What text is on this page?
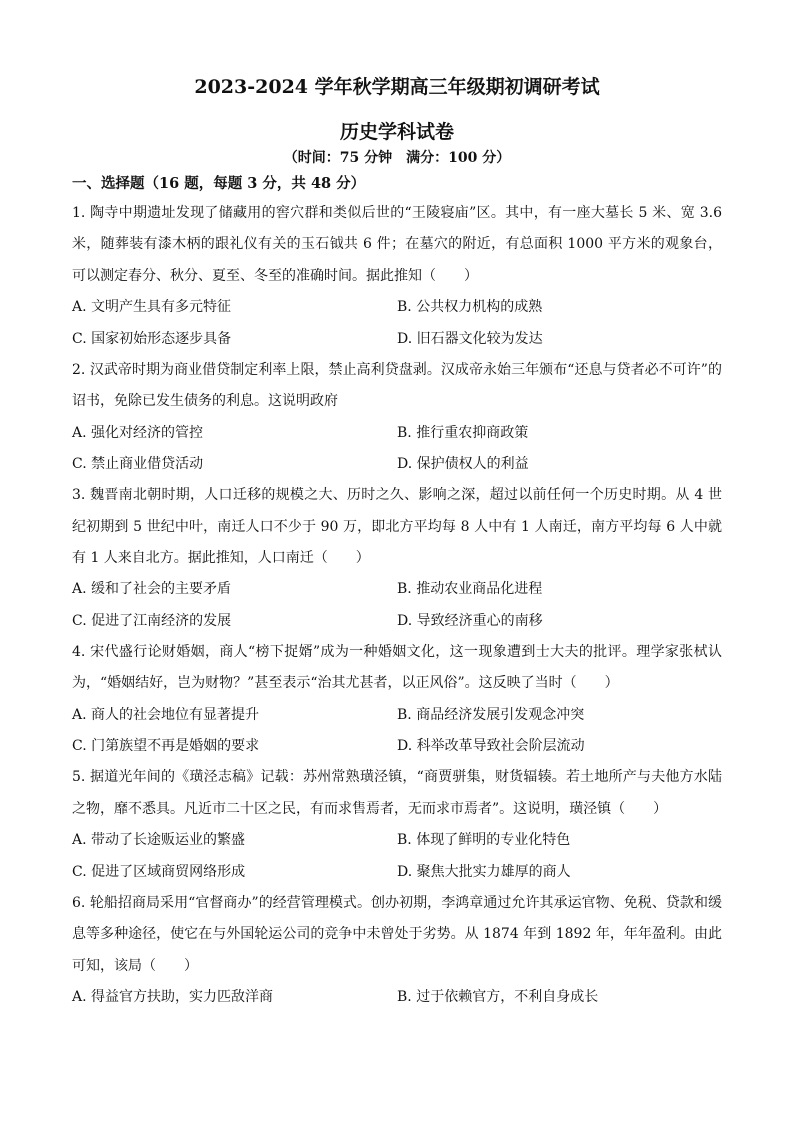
2023-2024 学年秋学期高三年级期初调研考试
历史学科试卷
（时间：75 分钟　满分：100 分）
一、选择题（16 题，每题 3 分，共 48 分）

1. 陶寺中期遗址发现了储藏用的窖穴群和类似后世的“王陵寝庙”区。其中，有一座大墓长 5 米、宽 3.6 米，随葬装有漆木柄的跟礼仪有关的玉石钺共 6 件；在墓穴的附近，有总面积 1000 平方米的观象台，可以测定春分、秋分、夏至、冬至的准确时间。据此推知（　　）

A. 文明产生具有多元特征	B. 公共权力机构的成熟
C. 国家初始形态逐步具备	D. 旧石器文化较为发达

2. 汉武帝时期为商业借贷制定利率上限，禁止高利贷盘剥。汉成帝永始三年颁布“还息与贷者必不可许”的诏书，免除已发生债务的利息。这说明政府

A. 强化对经济的管控	B. 推行重农抑商政策
C. 禁止商业借贷活动	D. 保护债权人的利益

3. 魏晋南北朝时期，人口迁移的规模之大、历时之久、影响之深，超过以前任何一个历史时期。从 4 世纪初期到 5 世纪中叶，南迁人口不少于 90 万，即北方平均每 8 人中有 1 人南迁，南方平均每 6 人中就有 1 人来自北方。据此推知，人口南迁（　　）

A. 缓和了社会的主要矛盾	B. 推动农业商品化进程
C. 促进了江南经济的发展	D. 导致经济重心的南移

4. 宋代盛行论财婚姻，商人“榜下捉婿”成为一种婚姻文化，这一现象遭到士大夫的批评。理学家张栻认为，“婚姻结好，岂为财物？”甚至表示“治其尤甚者，以正风俗”。这反映了当时（　　）

A. 商人的社会地位有显著提升	B. 商品经济发展引发观念冲突
C. 门第族望不再是婚姻的要求	D. 科举改革导致社会阶层流动

5. 据道光年间的《璜泾志稿》记载：苏州常熟璜泾镇，“商贾骈集，财货辐辏。若土地所产与夫他方水陆之物，靡不悉具。凡近市二十区之民，有而求售焉者，无而求市焉者”。这说明，璜泾镇（　　）

A. 带动了长途贩运业的繁盛	B. 体现了鲜明的专业化特色
C. 促进了区域商贸网络形成	D. 聚焦大批实力雄厚的商人

6. 轮船招商局采用“官督商办”的经营管理模式。创办初期，李鸿章通过允许其承运官物、免税、贷款和缓息等多种途径，使它在与外国轮运公司的竞争中未曾处于劣势。从 1874 年到 1892 年，年年盈利。由此可知，该局（　　）

A. 得益官方扶助，实力匹敌洋商	B. 过于依赖官方，不利自身成长
